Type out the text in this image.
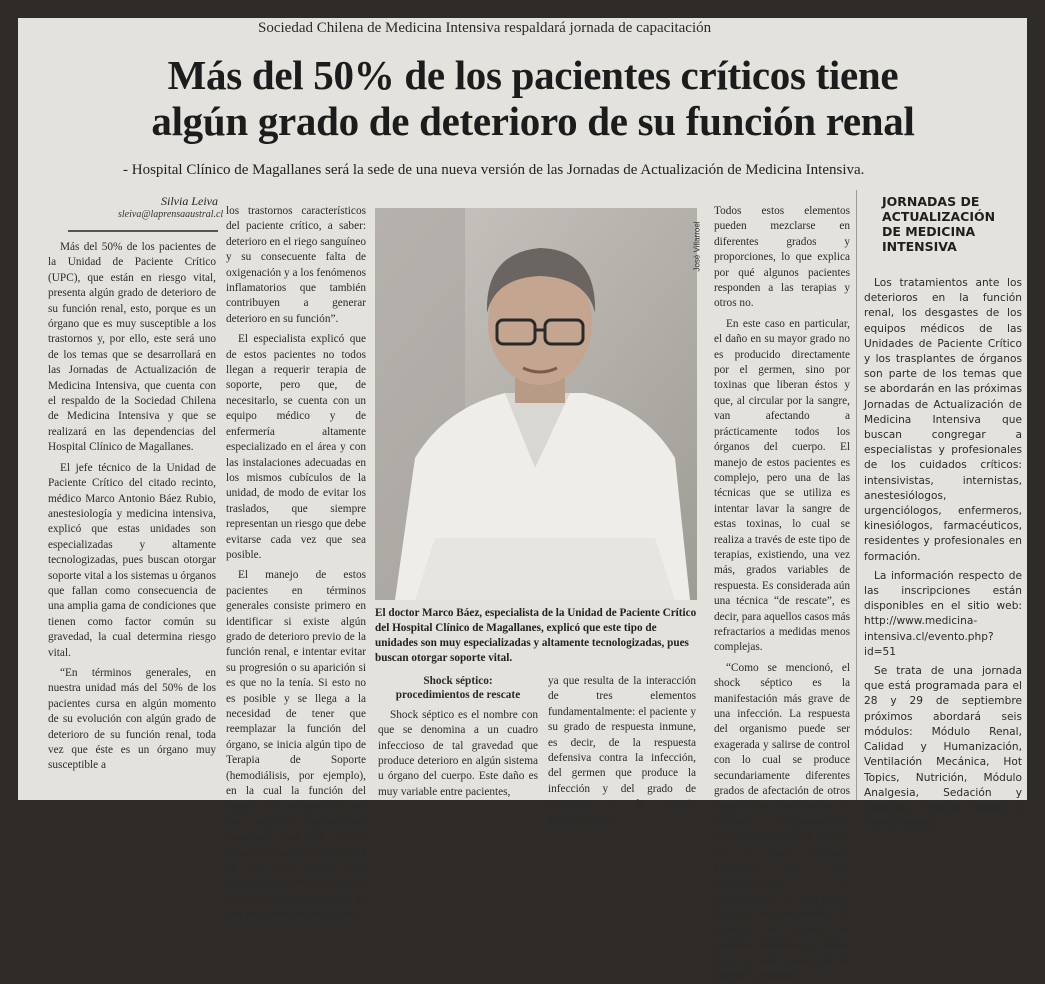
Sociedad Chilena de Medicina Intensiva respaldará jornada de capacitación
Más del 50% de los pacientes críticos tiene
algún grado de deterioro de su función renal
- Hospital Clínico de Magallanes será la sede de una nueva versión de las Jornadas de Actualización de Medicina Intensiva.
Silvia Leiva
sleiva@laprensaaustral.cl

Más del 50% de los pacientes de la Unidad de Paciente Crítico (UPC), que están en riesgo vital, presenta algún grado de deterioro de su función renal, esto, porque es un órgano que es muy susceptible a los trastornos y, por ello, este será uno de los temas que se desarrollará en las Jornadas de Actualización de Medicina Intensiva, que cuenta con el respaldo de la Sociedad Chilena de Medicina Intensiva y que se realizará en las dependencias del Hospital Clínico de Magallanes.

El jefe técnico de la Unidad de Paciente Crítico del citado recinto, médico Marco Antonio Báez Rubio, anestesiología y medicina intensiva, explicó que estas unidades son especializadas y altamente tecnologizadas, pues buscan otorgar soporte vital a los sistemas u órganos que fallan como consecuencia de una amplia gama de condiciones que tienen como factor común su gravedad, la cual determina riesgo vital.

“En términos generales, en nuestra unidad más del 50% de los pacientes cursa en algún momento de su evolución con algún grado de deterioro de su función renal, toda vez que éste es un órgano muy susceptible a

los trastornos característicos del paciente crítico, a saber: deterioro en el riego sanguíneo y su consecuente falta de oxigenación y a los fenómenos inflamatorios que también contribuyen a generar deterioro en su función”.

El especialista explicó que de estos pacientes no todos llegan a requerir terapia de soporte, pero que, de necesitarlo, se cuenta con un equipo médico y de enfermería altamente especializado en el área y con las instalaciones adecuadas en los mismos cubículos de la unidad, de modo de evitar los traslados, que siempre representan un riesgo que debe evitarse cada vez que sea posible.

El manejo de estos pacientes en términos generales consiste primero en identificar si existe algún grado de deterioro previo de la función renal, e intentar evitar su progresión o su aparición si es que no la tenía. Si esto no es posible y se llega a la necesidad de tener que reemplazar la función del órgano, se inicia algún tipo de Terapia de Soporte (hemodiálisis, por ejemplo), en la cual la función del órgano es reemplazada por una máquina especialmente construida con este fin en espera de que la enfermedad de base que produjo este deterioro se corrija, lo cual en muchos casos se acompaña de una recuperación del órgano.

José Villarroel
El doctor Marco Báez, especialista de la Unidad de Paciente Crítico del Hospital Clínico de Magallanes, explicó que este tipo de unidades son muy especializadas y altamente tecnologizadas, pues buscan otorgar soporte vital.

Shock séptico:

procedimientos de rescate

Shock séptico es el nombre con que se denomina a un cuadro infeccioso de tal gravedad que produce deterioro en algún sistema u órgano del cuerpo. Este daño es muy variable entre pacientes,

ya que resulta de la interacción de tres elementos fundamentalmente: el paciente y su grado de respuesta inmune, es decir, de la respuesta defensiva contra la infección, del germen que produce la infección y del grado de respuesta a la terapia antimicrobiana.

Todos estos elementos pueden mezclarse en diferentes grados y proporciones, lo que explica por qué algunos pacientes responden a las terapias y otros no.

En este caso en particular, el daño en su mayor grado no es producido directamente por el germen, sino por toxinas que liberan éstos y que, al circular por la sangre, van afectando a prácticamente todos los órganos del cuerpo. El manejo de estos pacientes es complejo, pero una de las técnicas que se utiliza es intentar lavar la sangre de estas toxinas, lo cual se realiza a través de este tipo de terapias, existiendo, una vez más, grados variables de respuesta. Es considerada aún una técnica “de rescate”, es decir, para aquellos casos más refractarios a medidas menos complejas.

“Como se mencionó, el shock séptico es la manifestación más grave de una infección. La respuesta del organismo puede ser exagerada y salirse de control con lo cual se produce secundariamente diferentes grados de afectación de otros órganos que inicialmente no estaban comprometidos. Cuando esto afecta a más de tres o cuatro sistemas, hablamos de falla multisistémica o multiorgánica, la cual puede llegar a ser irreversible. El objetivo de todos los cuidados intensivos es evitar llegar a este punto de no retorno”, comentó.

JORNADAS DE ACTUALIZACIÓN DE MEDICINA INTENSIVA

Los tratamientos ante los deterioros en la función renal, los desgastes de los equipos médicos de las Unidades de Paciente Crítico y los trasplantes de órganos son parte de los temas que se abordarán en las próximas Jornadas de Actualización de Medicina Intensiva que buscan congregar a especialistas y profesionales de los cuidados críticos: intensivistas, internistas, anestesiólogos, urgenciólogos, enfermeros, kinesiólogos, farmacéuticos, residentes y profesionales en formación.

La información respecto de las inscripciones están disponibles en el sitio web: http://www.medicina-intensiva.cl/evento.php?id=51

Se trata de una jornada que está programada para el 28 y 29 de septiembre próximos abordará seis módulos: Módulo Renal, Calidad y Humanización, Ventilación Mecánica, Hot Topics, Nutrición, Módulo Analgesia, Sedación y Delirium, Módulo Sepsis y Shock Séptico.
